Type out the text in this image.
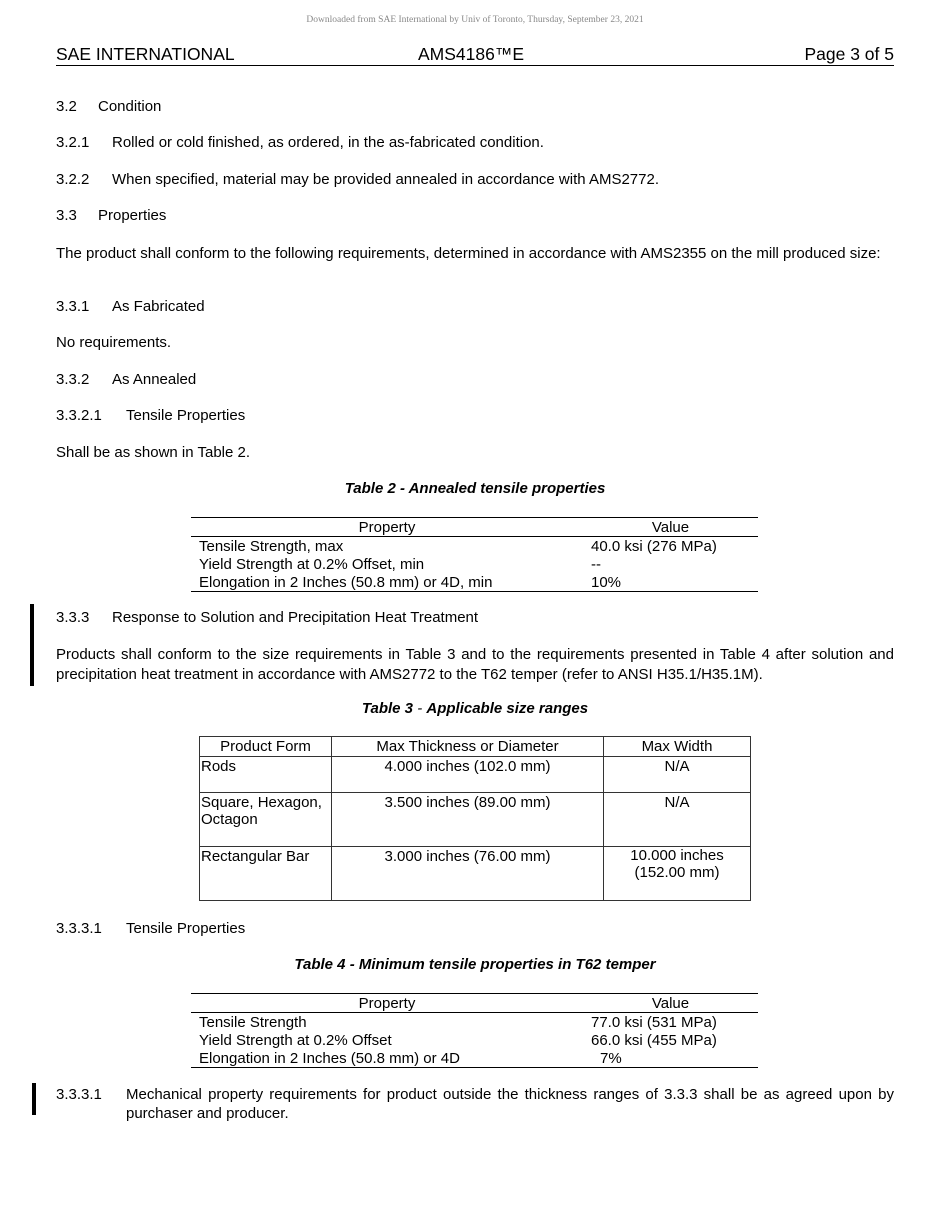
Downloaded from SAE International by Univ of Toronto, Thursday, September 23, 2021
SAE INTERNATIONAL	AMS4186™E	Page 3 of 5
3.2 Condition
3.2.1 Rolled or cold finished, as ordered, in the as-fabricated condition.
3.2.2 When specified, material may be provided annealed in accordance with AMS2772.
3.3 Properties
The product shall conform to the following requirements, determined in accordance with AMS2355 on the mill produced size:
3.3.1 As Fabricated
No requirements.
3.3.2 As Annealed
3.3.2.1 Tensile Properties
Shall be as shown in Table 2.
Table 2 - Annealed tensile properties
Property	Value
Tensile Strength, max	40.0 ksi (276 MPa)
Yield Strength at 0.2% Offset, min	--
Elongation in 2 Inches (50.8 mm) or 4D, min	10%
3.3.3 Response to Solution and Precipitation Heat Treatment
Products shall conform to the size requirements in Table 3 and to the requirements presented in Table 4 after solution and precipitation heat treatment in accordance with AMS2772 to the T62 temper (refer to ANSI H35.1/H35.1M).
Table 3 - Applicable size ranges
Product Form	Max Thickness or Diameter	Max Width
Rods	4.000 inches (102.0 mm)	N/A
Square, Hexagon, Octagon	3.500 inches (89.00 mm)	N/A
Rectangular Bar	3.000 inches (76.00 mm)	10.000 inches (152.00 mm)
3.3.3.1 Tensile Properties
Table 4 - Minimum tensile properties in T62 temper
Property	Value
Tensile Strength	77.0 ksi (531 MPa)
Yield Strength at 0.2% Offset	66.0 ksi (455 MPa)
Elongation in 2 Inches (50.8 mm) or 4D	7%
3.3.3.1 Mechanical property requirements for product outside the thickness ranges of 3.3.3 shall be as agreed upon by purchaser and producer.
